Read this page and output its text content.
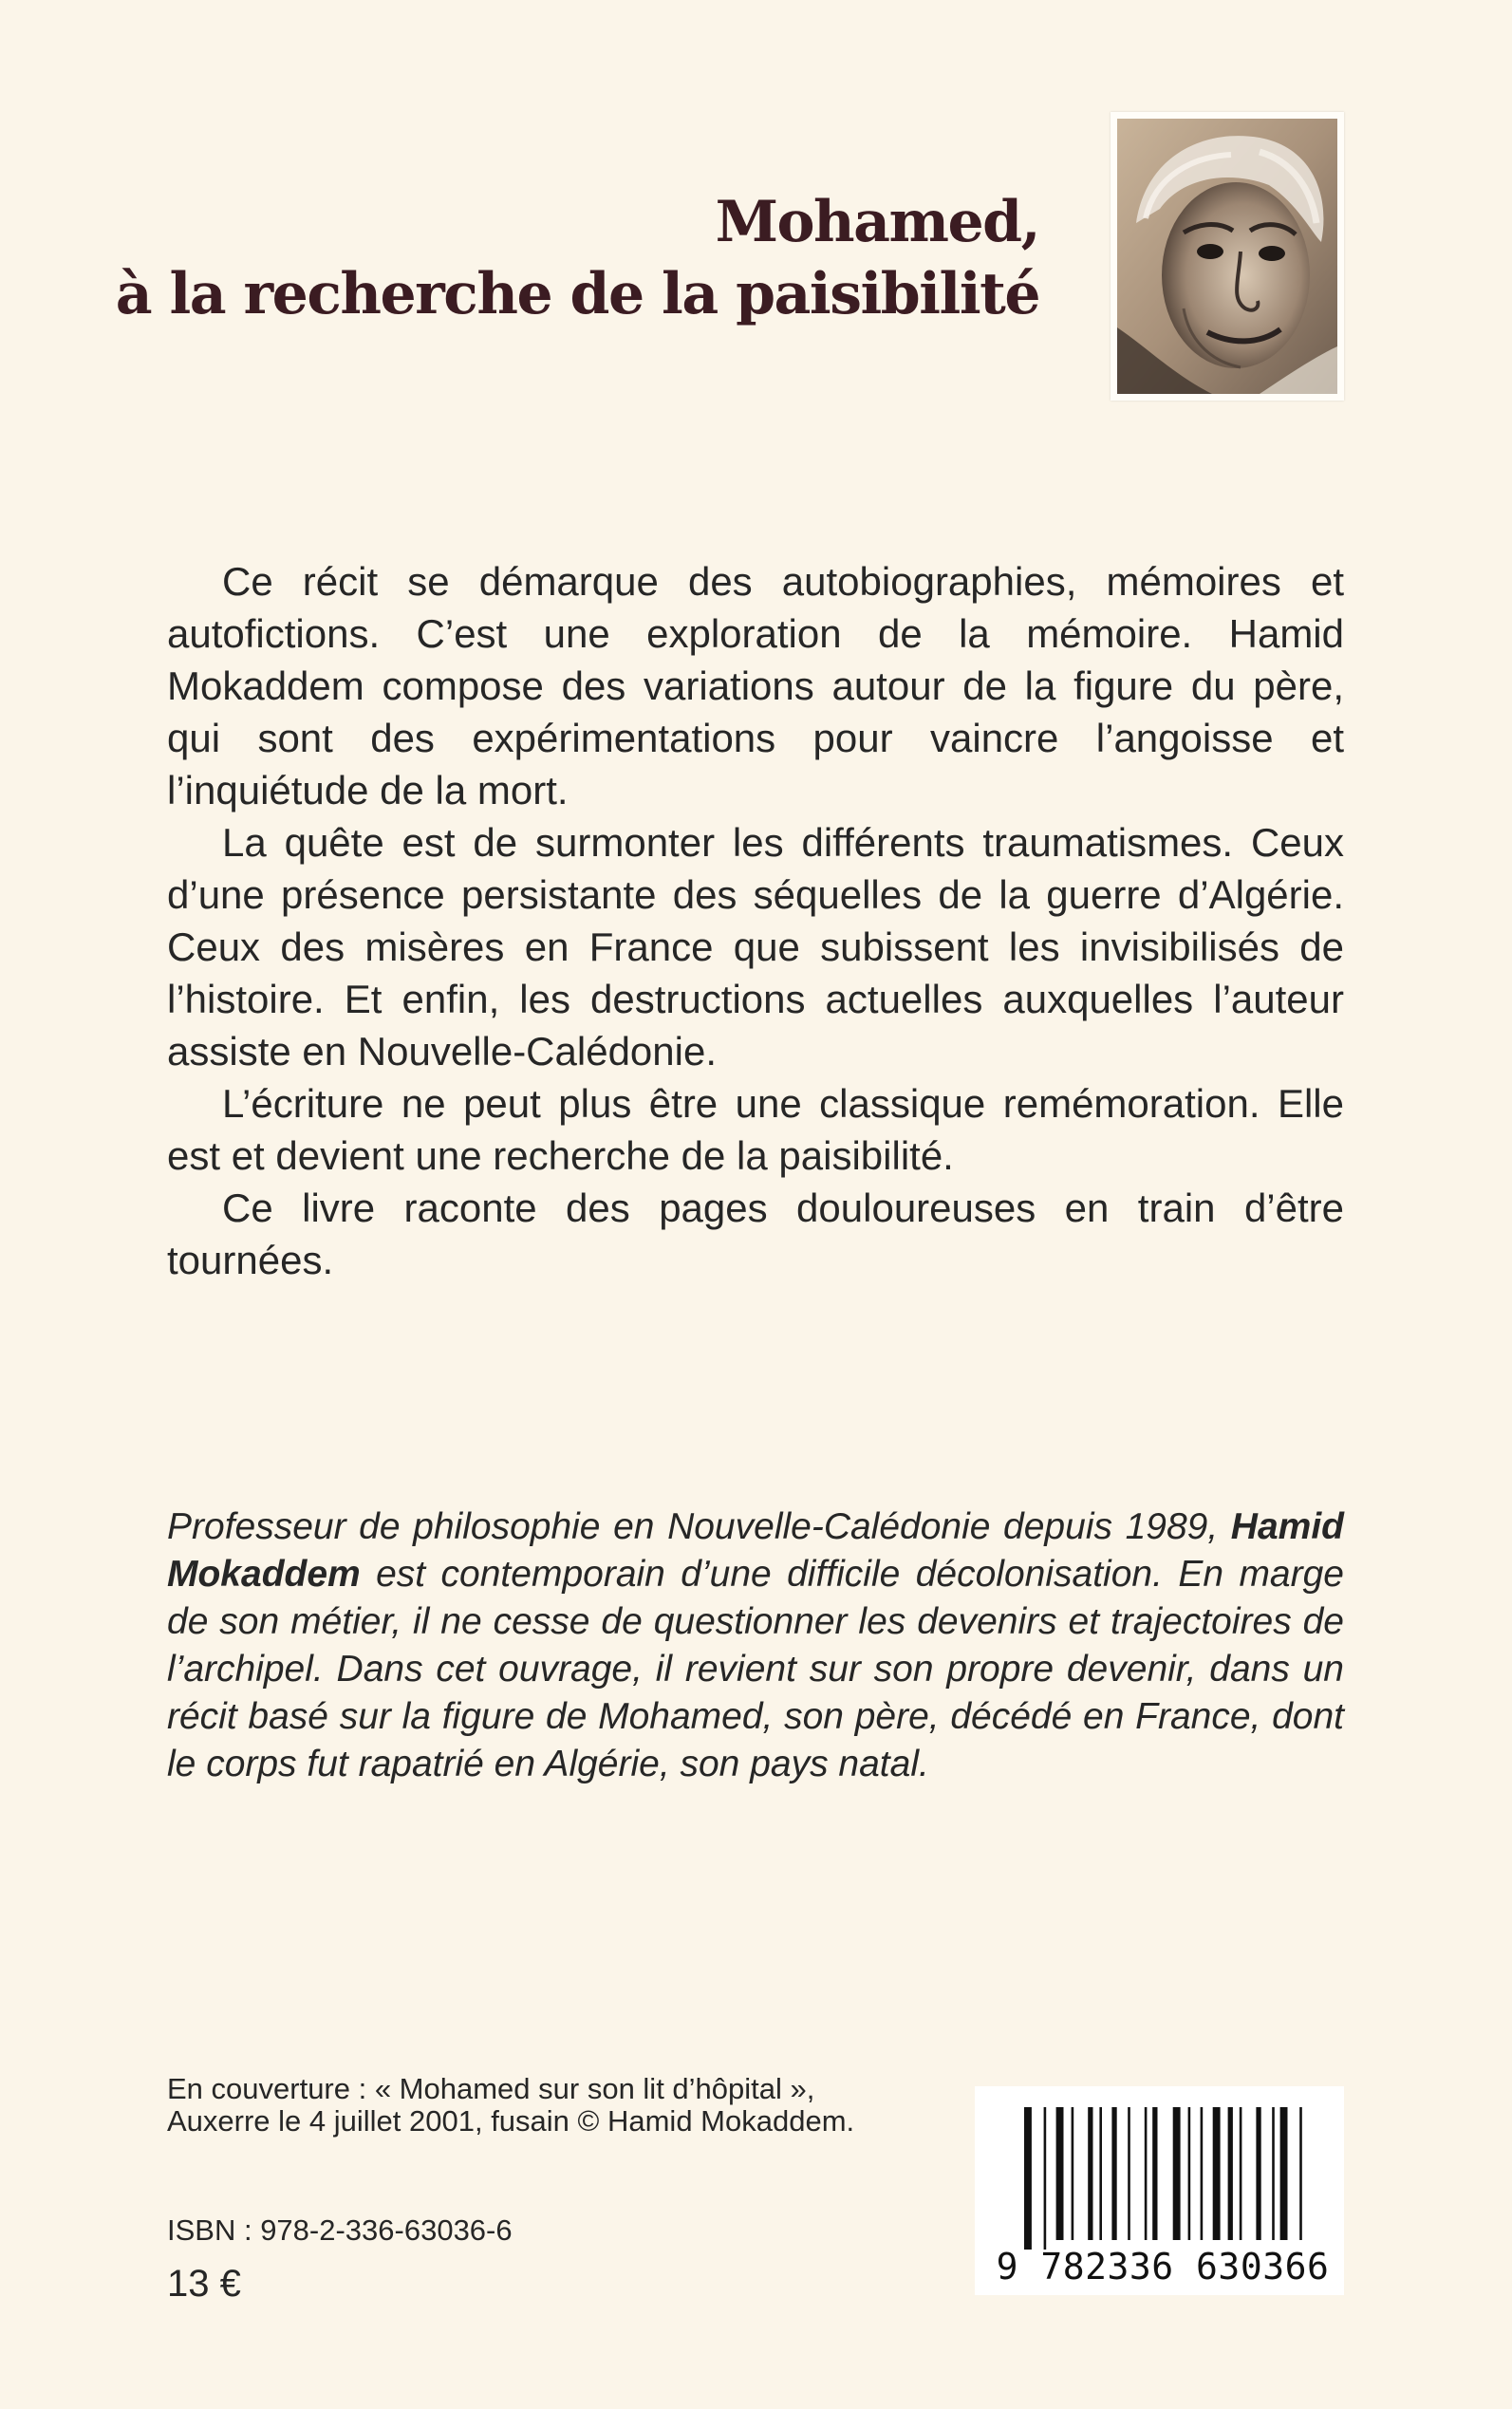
Mohamed,
à la recherche de la paisibilité

Ce récit se démarque des autobiographies, mémoires et autofictions. C’est une exploration de la mémoire. Hamid Mokaddem compose des variations autour de la figure du père, qui sont des expérimentations pour vaincre l’angoisse et l’inquiétude de la mort.

La quête est de surmonter les différents traumatismes. Ceux d’une présence persistante des séquelles de la guerre d’Algérie. Ceux des misères en France que subissent les invisibilisés de l’histoire. Et enfin, les destructions actuelles auxquelles l’auteur assiste en Nouvelle-Calédonie.

L’écriture ne peut plus être une classique remémoration. Elle est et devient une recherche de la paisibilité.

Ce livre raconte des pages douloureuses en train d’être tournées.

Professeur de philosophie en Nouvelle-Calédonie depuis 1989, Hamid Mokaddem est contemporain d’une difficile décolonisation. En marge de son métier, il ne cesse de questionner les devenirs et trajectoires de l’archipel. Dans cet ouvrage, il revient sur son propre devenir, dans un récit basé sur la figure de Mohamed, son père, décédé en France, dont le corps fut rapatrié en Algérie, son pays natal.

En couverture : « Mohamed sur son lit d’hôpital », Auxerre le 4 juillet 2001, fusain © Hamid Mokaddem.

ISBN : 978-2-336-63036-6

13 €	9 782336 630366
